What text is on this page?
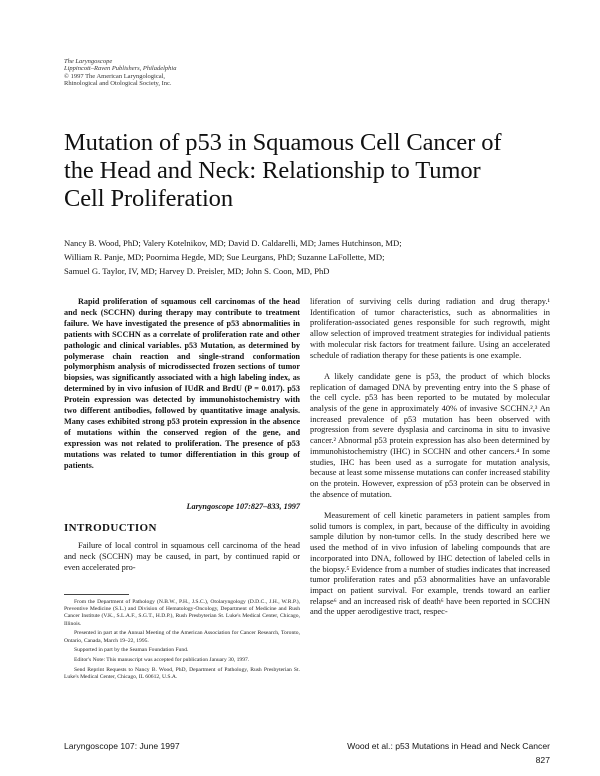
The Laryngoscope
Lippincott–Raven Publishers, Philadelphia
© 1997 The American Laryngological,
Rhinological and Otological Society, Inc.
Mutation of p53 in Squamous Cell Cancer of
the Head and Neck: Relationship to Tumor
Cell Proliferation
Nancy B. Wood, PhD; Valery Kotelnikov, MD; David D. Caldarelli, MD; James Hutchinson, MD;
William R. Panje, MD; Poornima Hegde, MD; Sue Leurgans, PhD; Suzanne LaFollette, MD;
Samuel G. Taylor, IV, MD; Harvey D. Preisler, MD; John S. Coon, MD, PhD

Rapid proliferation of squamous cell carcinomas of the head and neck (SCCHN) during therapy may contribute to treatment failure. We have investigated the presence of p53 abnormalities in patients with SCCHN as a correlate of proliferation rate and other pathologic and clinical variables. p53 Mutation, as determined by polymerase chain reaction and single-strand conformation polymorphism analysis of microdissected frozen sections of tumor biopsies, was significantly associated with a high labeling index, as determined by in vivo infusion of IUdR and BrdU (P = 0.017). p53 Protein expression was detected by immunohistochemistry with two different antibodies, followed by quantitative image analysis. Many cases exhibited strong p53 protein expression in the absence of mutations within the conserved region of the gene, and expression was not related to proliferation. The presence of p53 mutations was related to tumor differentiation in this group of patients.

Laryngoscope 107:827–833, 1997
INTRODUCTION

Failure of local control in squamous cell carcinoma of the head and neck (SCCHN) may be caused, in part, by continued rapid or even accelerated pro-

From the Department of Pathology (N.B.W., P.H., J.S.C.), Otolaryngology (D.D.C., J.H., W.R.P.), Preventive Medicine (S.L.) and Division of Hematology-Oncology, Department of Medicine and Rush Cancer Institute (V.K., S.L.A.F., S.G.T., H.D.P.), Rush Presbyterian St. Luke's Medical Center, Chicago, Illinois.

Presented in part at the Annual Meeting of the American Association for Cancer Research, Toronto, Ontario, Canada, March 19–22, 1995.

Supported in part by the Seaman Foundation Fund.

Editor's Note: This manuscript was accepted for publication January 30, 1997.

Send Reprint Requests to Nancy B. Wood, PhD, Department of Pathology, Rush Presbyterian St. Luke's Medical Center, Chicago, IL 60612, U.S.A.

liferation of surviving cells during radiation and drug therapy.¹ Identification of tumor characteristics, such as abnormalities in proliferation-associated genes responsible for such regrowth, might allow selection of improved treatment strategies for individual patients with molecular risk factors for treatment failure. Using an accelerated schedule of radiation therapy for these patients is one example.

A likely candidate gene is p53, the product of which blocks replication of damaged DNA by preventing entry into the S phase of the cell cycle. p53 has been reported to be mutated by molecular analysis of the gene in approximately 40% of invasive SCCHN.²,³ An increased prevalence of p53 mutation has been observed with progression from severe dysplasia and carcinoma in situ to invasive cancer.² Abnormal p53 protein expression has also been determined by immunohistochemistry (IHC) in SCCHN and other cancers.⁴ In some studies, IHC has been used as a surrogate for mutation analysis, because at least some missense mutations can confer increased stability on the protein. However, expression of p53 protein can be observed in the absence of mutation.

Measurement of cell kinetic parameters in patient samples from solid tumors is complex, in part, because of the difficulty in avoiding sample dilution by non-tumor cells. In the study described here we used the method of in vivo infusion of labeling compounds that are incorporated into DNA, followed by IHC detection of labeled cells in the biopsy.⁵ Evidence from a number of studies indicates that increased tumor proliferation rates and p53 abnormalities have an unfavorable impact on patient survival. For example, trends toward an earlier relapse⁶ and an increased risk of death⁶ have been reported in SCCHN and the upper aerodigestive tract, respec-

Laryngoscope 107: June 1997	Wood et al.: p53 Mutations in Head and Neck Cancer
827
